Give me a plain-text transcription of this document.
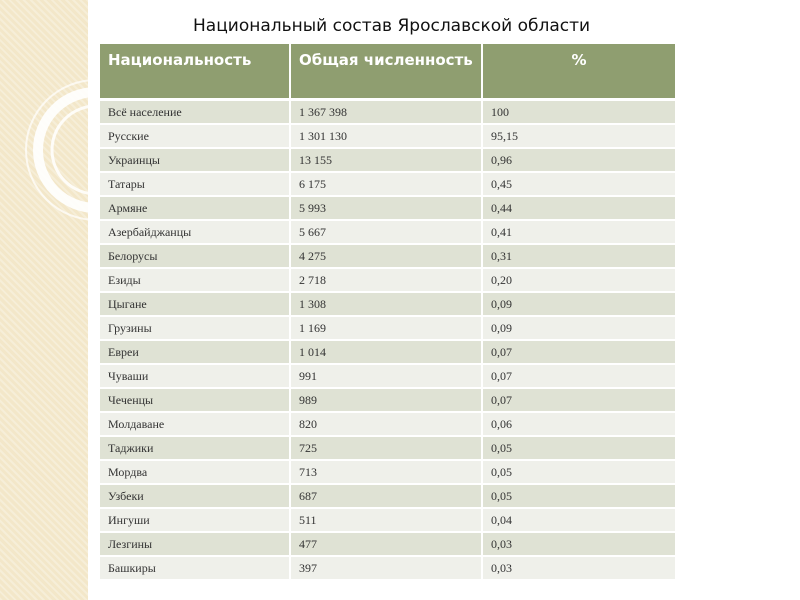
Национальный состав Ярославской области
Национальность	Общая численность	%
Всё население	1 367 398	100
Русские	1 301 130	95,15
Украинцы	13 155	0,96
Татары	6 175	0,45
Армяне	5 993	0,44
Азербайджанцы	5 667	0,41
Белорусы	4 275	0,31
Езиды	2 718	0,20
Цыгане	1 308	0,09
Грузины	1 169	0,09
Евреи	1 014	0,07
Чуваши	991	0,07
Чеченцы	989	0,07
Молдаване	820	0,06
Таджики	725	0,05
Мордва	713	0,05
Узбеки	687	0,05
Ингуши	511	0,04
Лезгины	477	0,03
Башкиры	397	0,03
